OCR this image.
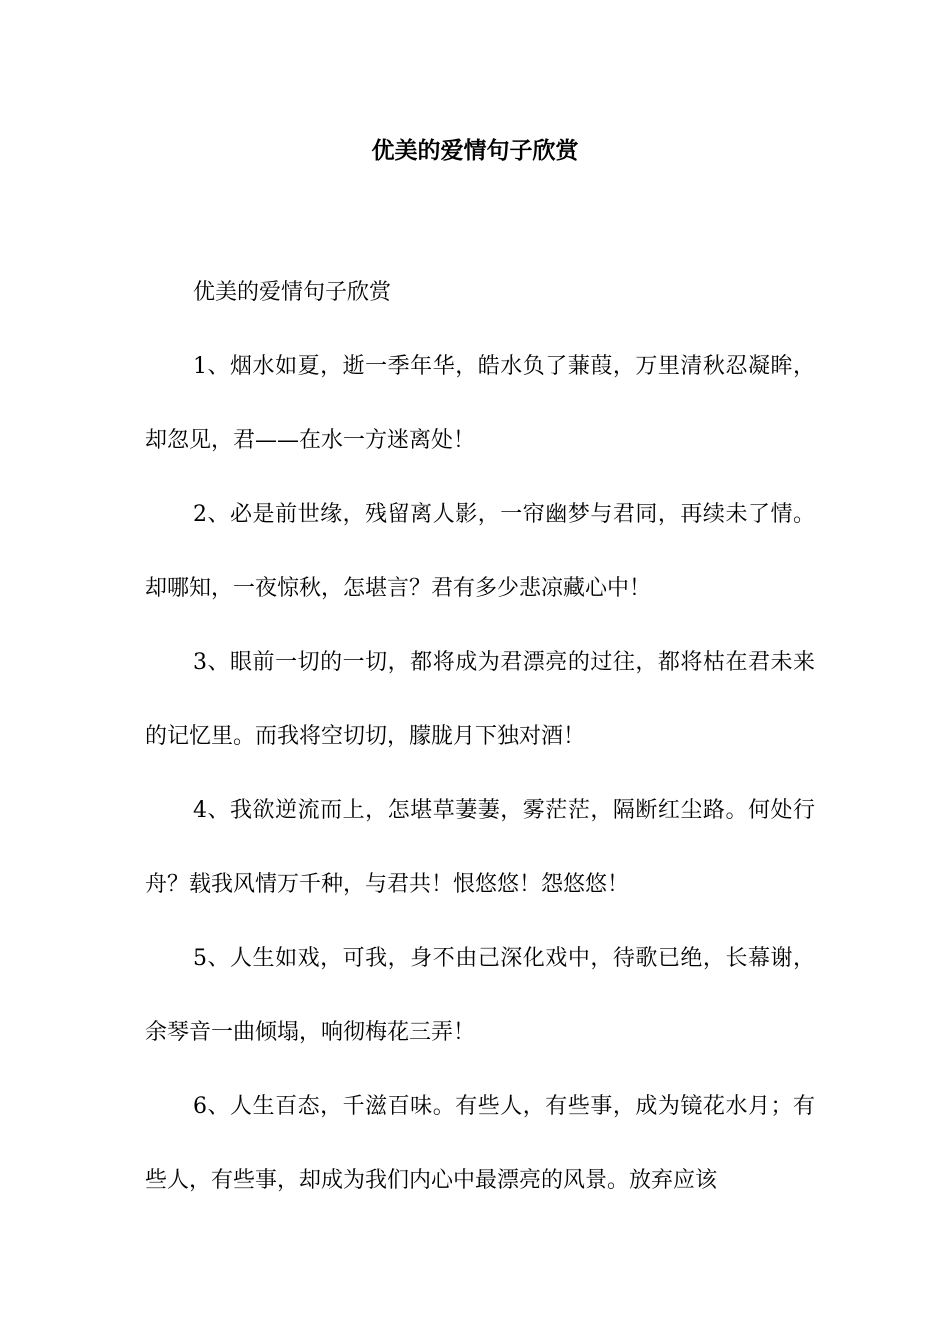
优美的爱情句子欣赏

优美的爱情句子欣赏

1、烟水如夏，逝一季年华，皓水负了蒹葭，万里清秋忍凝眸，却忽见，君——在水一方迷离处！

2、必是前世缘，残留离人影，一帘幽梦与君同，再续未了情。却哪知，一夜惊秋，怎堪言？君有多少悲凉藏心中！

3、眼前一切的一切，都将成为君漂亮的过往，都将枯在君未来的记忆里。而我将空切切，朦胧月下独对酒！

4、我欲逆流而上，怎堪草萋萋，雾茫茫，隔断红尘路。何处行舟？载我风情万千种，与君共！恨悠悠！怨悠悠！

5、人生如戏，可我，身不由己深化戏中，待歌已绝，长幕谢，余琴音一曲倾塌，响彻梅花三弄！

6、人生百态，千滋百味。有些人，有些事，成为镜花水月；有些人，有些事，却成为我们内心中最漂亮的风景。放弃应该
